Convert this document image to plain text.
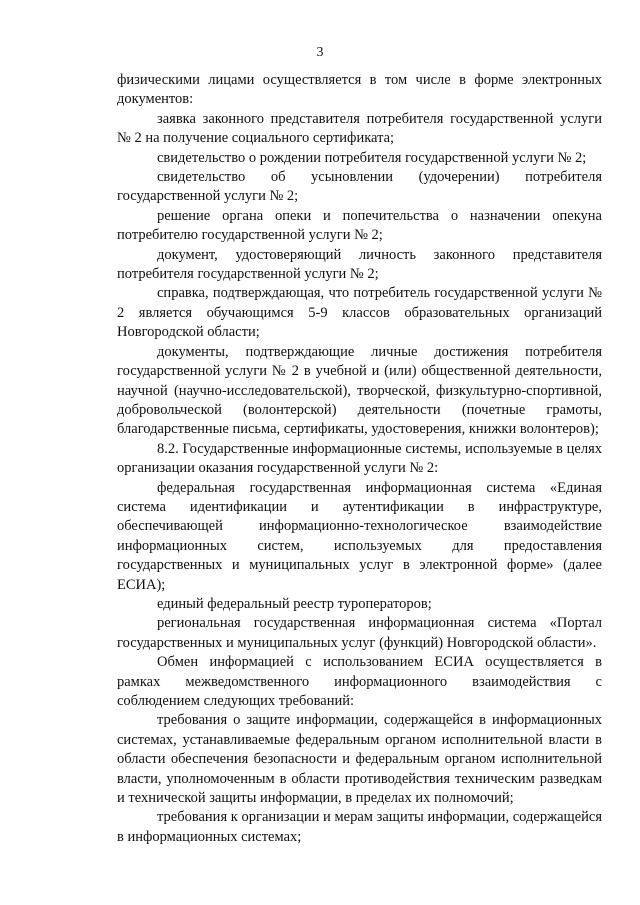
3

физическими лицами осуществляется в том числе в форме электронных документов:

заявка законного представителя потребителя государственной услуги № 2 на получение социального сертификата;

свидетельство о рождении потребителя государственной услуги № 2;

свидетельство об усыновлении (удочерении) потребителя государственной услуги № 2;

решение органа опеки и попечительства о назначении опекуна потребителю государственной услуги № 2;

документ, удостоверяющий личность законного представителя потребителя государственной услуги № 2;

справка, подтверждающая, что потребитель государственной услуги № 2 является обучающимся 5-9 классов образовательных организаций Новгородской области;

документы, подтверждающие личные достижения потребителя государственной услуги № 2 в учебной и (или) общественной деятельности, научной (научно-исследовательской), творческой, физкультурно-спортивной, добровольческой (волонтерской) деятельности (почетные грамоты, благодарственные письма, сертификаты, удостоверения, книжки волонтеров);

8.2. Государственные информационные системы, используемые в целях организации оказания государственной услуги № 2:

федеральная государственная информационная система «Единая система идентификации и аутентификации в инфраструктуре, обеспечивающей информационно-технологическое взаимодействие информационных систем, используемых для предоставления государственных и муниципальных услуг в электронной форме» (далее ЕСИА);

единый федеральный реестр туроператоров;

региональная государственная информационная система «Портал государственных и муниципальных услуг (функций) Новгородской области».

Обмен информацией с использованием ЕСИА осуществляется в рамках межведомственного информационного взаимодействия с соблюдением следующих требований:

требования о защите информации, содержащейся в информационных системах, устанавливаемые федеральным органом исполнительной власти в области обеспечения безопасности и федеральным органом исполнительной власти, уполномоченным в области противодействия техническим разведкам и технической защиты информации, в пределах их полномочий;

требования к организации и мерам защиты информации, содержащейся в информационных системах;
